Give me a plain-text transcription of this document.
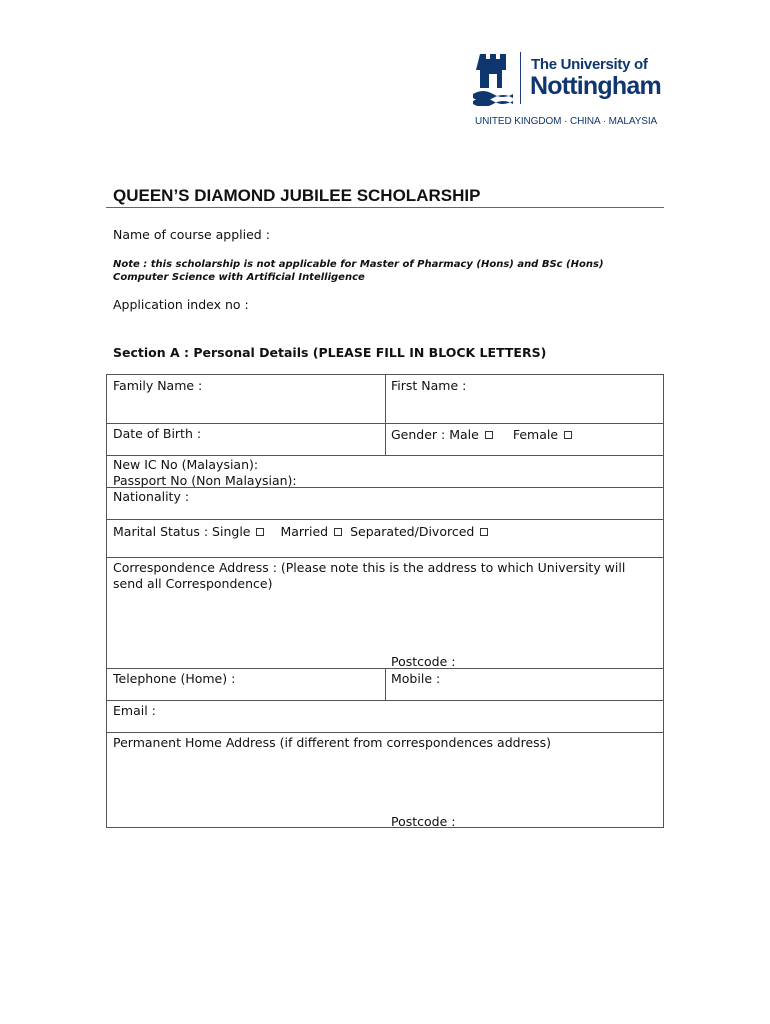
The University of
Nottingham
UNITED KINGDOM · CHINA · MALAYSIA
QUEEN’S DIAMOND JUBILEE SCHOLARSHIP
Name of course applied :
Note : this scholarship is not applicable for Master of Pharmacy (Hons) and BSc (Hons)
Computer Science with Artificial Intelligence
Application index no :
Section A : Personal Details (PLEASE FILL IN BLOCK LETTERS)
Family Name :	First Name :
Date of Birth :	Gender : Male	Female
New IC No (Malaysian):
Passport No (Non Malaysian):
Nationality :
Marital Status : Single Married Separated/Divorced
Correspondence Address : (Please note this is the address to which University will
send all Correspondence)
Postcode :
Telephone (Home) :	Mobile :
Email :
Permanent Home Address (if different from correspondences address)
Postcode :
